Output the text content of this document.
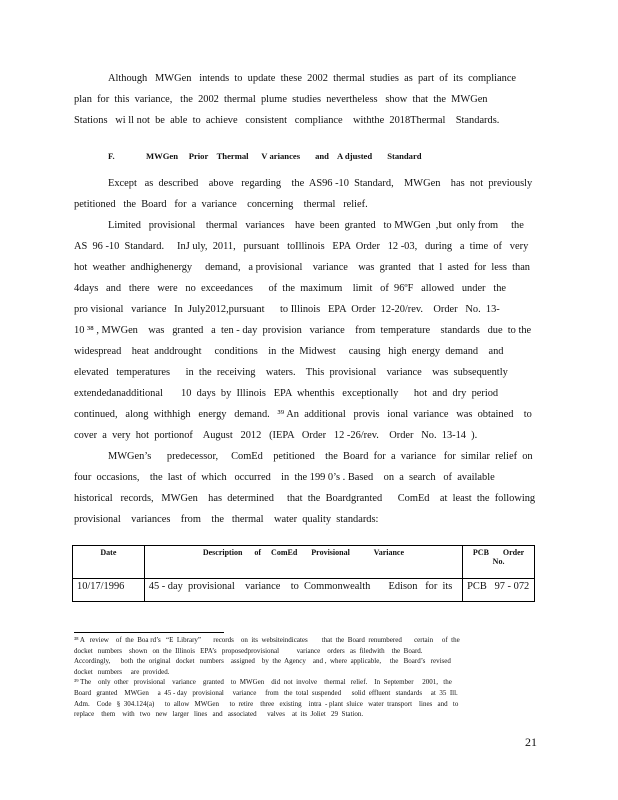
Although   MWGen   intends  to  update  these  2002  thermal  studies  as  part  of  its  compliance
plan  for  this  variance,   the  2002  thermal  plume  studies  nevertheless   show  that  the  MWGen
Stations   wi ll not  be  able  to  achieve   consistent   compliance    withthe  2018Thermal    Standards.
Except   as  described    above   regarding    the  AS96 -10  Standard,    MWGen    has  not  previously
petitioned   the  Board   for  a  variance    concerning    thermal   relief.
Limited   provisional    thermal   variances    have  been  granted   to MWGen  ,but  only from     the
AS  96 -10  Standard.     InJ uly,  2011,   pursuant   toIllinois   EPA  Order   12 -03,   during   a  time  of   very
hot  weather  andhighenergy     demand,   a provisional    variance    was  granted   that  l  asted  for  less  than
4days   and   there   were   no  exceedances      of  the  maximum    limit   of  96ºF   allowed   under   the
pro visional   variance   In  July2012,pursuant      to Illinois   EPA  Order  12-20/rev.    Order   No.  13-
10 ³⁸ , MWGen    was   granted   a  ten - day  provision   variance    from  temperature    standards   due  to the
widespread    heat  anddrought     conditions    in  the  Midwest     causing   high  energy  demand    and
elevated   temperatures      in  the  receiving    waters.    This  provisional    variance    was  subsequently
extendedanadditional       10  days  by  Illinois   EPA  whenthis   exceptionally      hot  and  dry  period
continued,   along  withhigh   energy   demand.   ³⁹ An  additional   provis   ional  variance   was  obtained    to
cover  a  very  hot  portionof    August   2012   (IEPA   Order   12 -26/rev.    Order   No.  13-14  ).
MWGen’s      predecessor,     ComEd    petitioned    the  Board  for  a  variance   for  similar  relief  on
four  occasions,    the  last  of  which   occurred    in  the 199 0’s . Based    on  a  search   of  available
historical   records,   MWGen    has  determined     that  the  Boardgranted      ComEd    at  least  the  following
provisional    variances    from    the   thermal    water  quality  standards:
F.	MWGen     Prior    Thermal      V ariances       and    A djusted       Standard
Date	Description      of     ComEd       Provisional            Variance	PCB       Order
No.
10/17/1996	45 - day  provisional    variance    to  Commonwealth       Edison   for  its	PCB   97 - 072
³⁸ A   review    of  the  Boa rd’s   “E  Library”       records    on  its  websiteindicates        that  the  Board  renumbered       certain     of  the
docket   numbers    shown   on  the  Illinois   EPA’s   proposedprovisional          variance    orders   as  filedwith    the  Board.
Accordingly,      both  the  original   docket   numbers    assigned    by  the  Agency    and ,  where  applicable,     the   Board’s   revised
docket   numbers     are  provided.
³⁹ The    only  other   provisional    variance    granted    to  MWGen    did  not  involve    thermal   relief.    In  September     2001,   the
Board   granted    MWGen     a  45 - day   provisional     variance     from   the  total  suspended      solid  effluent   standards     at  35  Ill.
Adm.    Code   §  304.124(a)      to  allow   MWGen      to  retire    three   existing    intra  - plant  sluice   water  transport    lines   and   to
replace    them    with   two   new   larger   lines   and   associated      valves    at  its  Joliet   29  Station.
21
